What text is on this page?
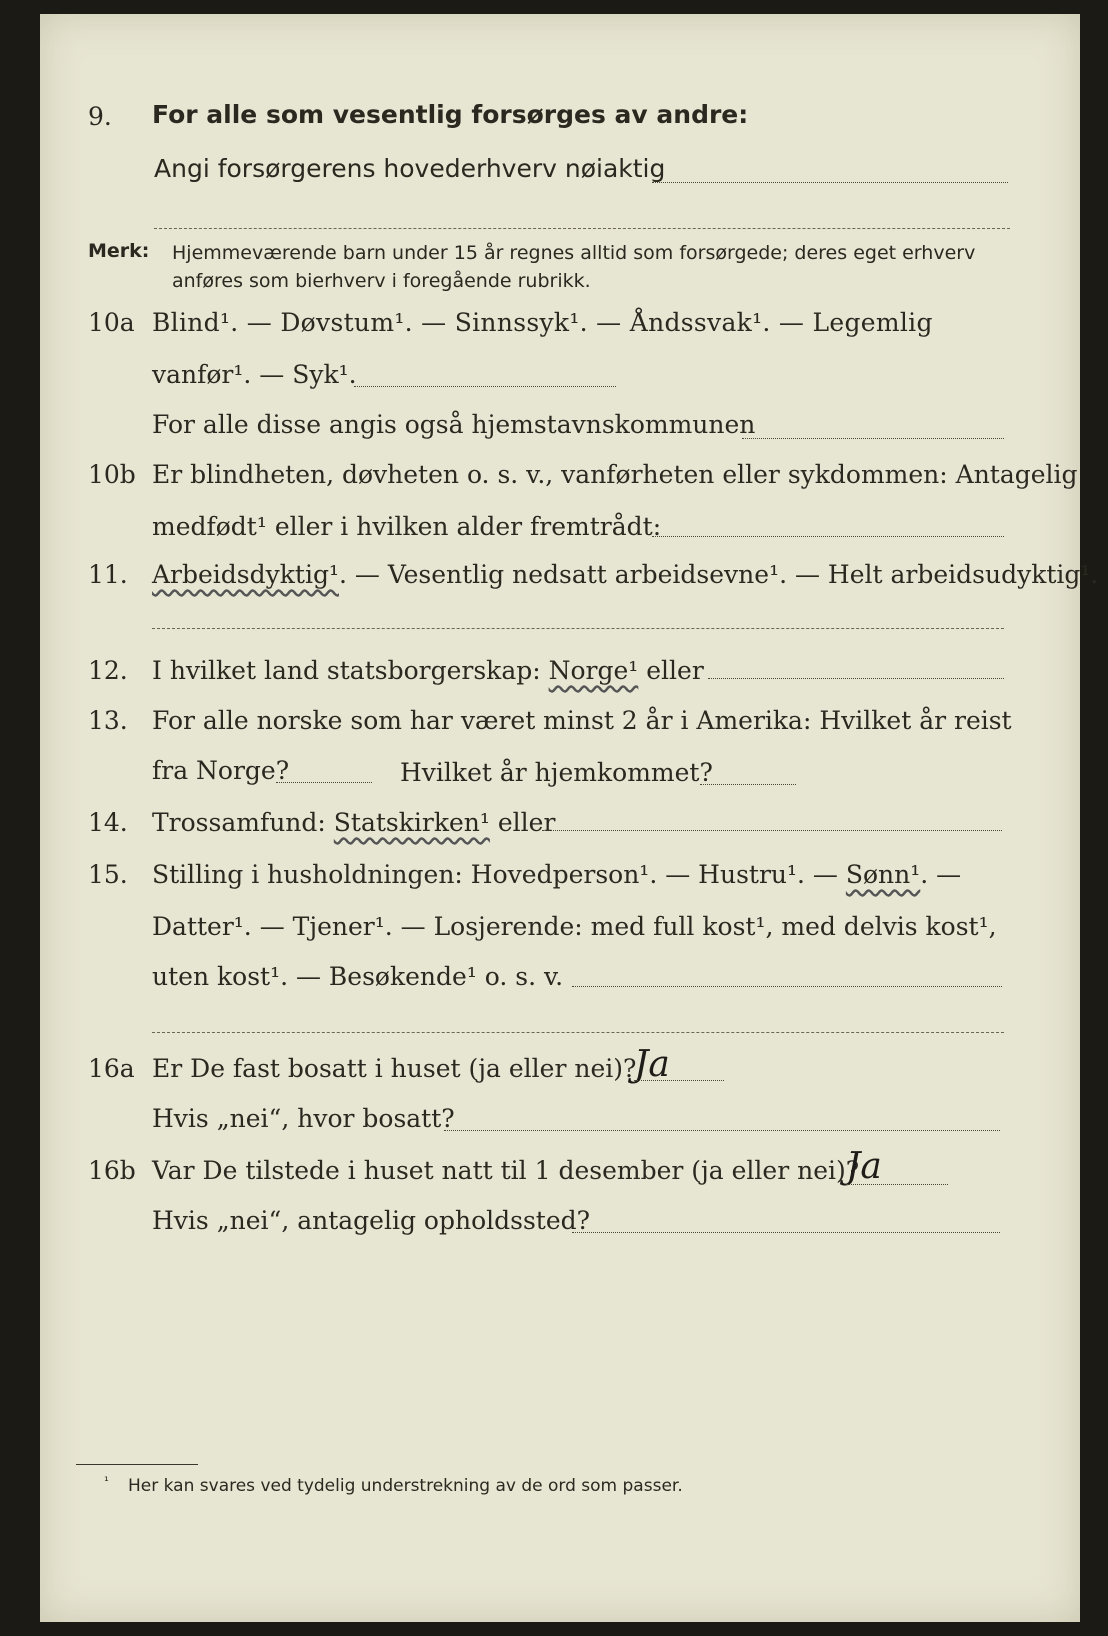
9. For alle som vesentlig forsørges av andre:
Angi forsørgerens hovederhverv nøiaktig
Merk: Hjemmeværende barn under 15 år regnes alltid som forsørgede; deres eget erhverv
anføres som bierhverv i foregående rubrikk.
10a Blind¹. — Døvstum¹. — Sinnssyk¹. — Åndssvak¹. — Legemlig
vanfør¹. — Syk¹.
For alle disse angis også hjemstavnskommunen
10b Er blindheten, døvheten o. s. v., vanførheten eller sykdommen: Antagelig
medfødt¹ eller i hvilken alder fremtrådt:
11. Arbeidsdyktig¹. — Vesentlig nedsatt arbeidsevne¹. — Helt arbeidsudyktig¹.
12. I hvilket land statsborgerskap: Norge¹ eller
13. For alle norske som har været minst 2 år i Amerika: Hvilket år reist
fra Norge?	Hvilket år hjemkommet?
14. Trossamfund: Statskirken¹ eller
15. Stilling i husholdningen: Hovedperson¹. — Hustru¹. — Sønn¹. —
Datter¹. — Tjener¹. — Losjerende: med full kost¹, med delvis kost¹,
uten kost¹. — Besøkende¹ o. s. v.
16a Er De fast bosatt i huset (ja eller nei)?
Ja
Hvis „nei“, hvor bosatt?
16b Var De tilstede i huset natt til 1 desember (ja eller nei)?
Ja
Hvis „nei“, antagelig opholdssted?
¹ Her kan svares ved tydelig understrekning av de ord som passer.
